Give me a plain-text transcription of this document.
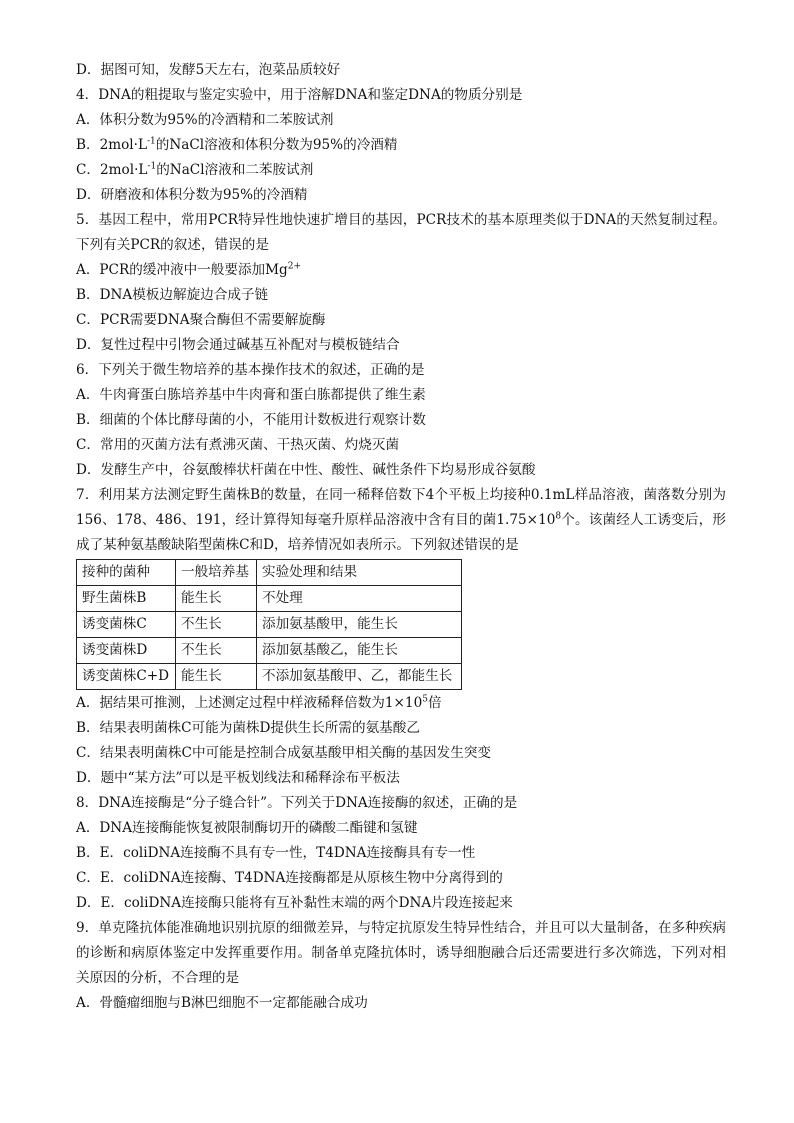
D．据图可知，发酵5天左右，泡菜品质较好
4．DNA的粗提取与鉴定实验中，用于溶解DNA和鉴定DNA的物质分别是
A．体积分数为95%的冷酒精和二苯胺试剂
B．$2mol\cdot L^{-1}$的NaCl溶液和体积分数为95%的冷酒精
C．$2mol\cdot L^{-1}$的NaCl溶液和二苯胺试剂
D．研磨液和体积分数为95%的冷酒精
5．基因工程中，常用PCR特异性地快速扩增目的基因，PCR技术的基本原理类似于DNA的天然复制过程。下列有关PCR的叙述，错误的是
A．PCR的缓冲液中一般要添加$Mg^{2+}$
B．DNA模板边解旋边合成子链
C．PCR需要DNA聚合酶但不需要解旋酶
D．复性过程中引物会通过碱基互补配对与模板链结合
6．下列关于微生物培养的基本操作技术的叙述，正确的是
A．牛肉膏蛋白胨培养基中牛肉膏和蛋白胨都提供了维生素
B．细菌的个体比酵母菌的小，不能用计数板进行观察计数
C．常用的灭菌方法有煮沸灭菌、干热灭菌、灼烧灭菌
D．发酵生产中，谷氨酸棒状杆菌在中性、酸性、碱性条件下均易形成谷氨酸
7．利用某方法测定野生菌株B的数量，在同一稀释倍数下4个平板上均接种0.1mL样品溶液，菌落数分别为156、178、486、191，经计算得知每毫升原样品溶液中含有目的菌$1.75\times 10^8$个。该菌经人工诱变后，形成了某种氨基酸缺陷型菌株C和D，培养情况如表所示。下列叙述错误的是
接种的菌种	一般培养基	实验处理和结果
野生菌株B	能生长	不处理
诱变菌株C	不生长	添加氨基酸甲，能生长
诱变菌株D	不生长	添加氨基酸乙，能生长
诱变菌株C+D	能生长	不添加氨基酸甲、乙，都能生长
A．据结果可推测，上述测定过程中样液稀释倍数为$1\times 10^5$倍
B．结果表明菌株C可能为菌株D提供生长所需的氨基酸乙
C．结果表明菌株C中可能是控制合成氨基酸甲相关酶的基因发生突变
D．题中“某方法”可以是平板划线法和稀释涂布平板法
8．DNA连接酶是“分子缝合针”。下列关于DNA连接酶的叙述，正确的是
A．DNA连接酶能恢复被限制酶切开的磷酸二酯键和氢键
B．E．coliDNA连接酶不具有专一性，T4DNA连接酶具有专一性
C．E．coliDNA连接酶、T4DNA连接酶都是从原核生物中分离得到的
D．E．coliDNA连接酶只能将有互补黏性末端的两个DNA片段连接起来
9．单克隆抗体能准确地识别抗原的细微差异，与特定抗原发生特异性结合，并且可以大量制备，在多种疾病的诊断和病原体鉴定中发挥重要作用。制备单克隆抗体时，诱导细胞融合后还需要进行多次筛选，下列对相关原因的分析，不合理的是
A．骨髓瘤细胞与B淋巴细胞不一定都能融合成功
